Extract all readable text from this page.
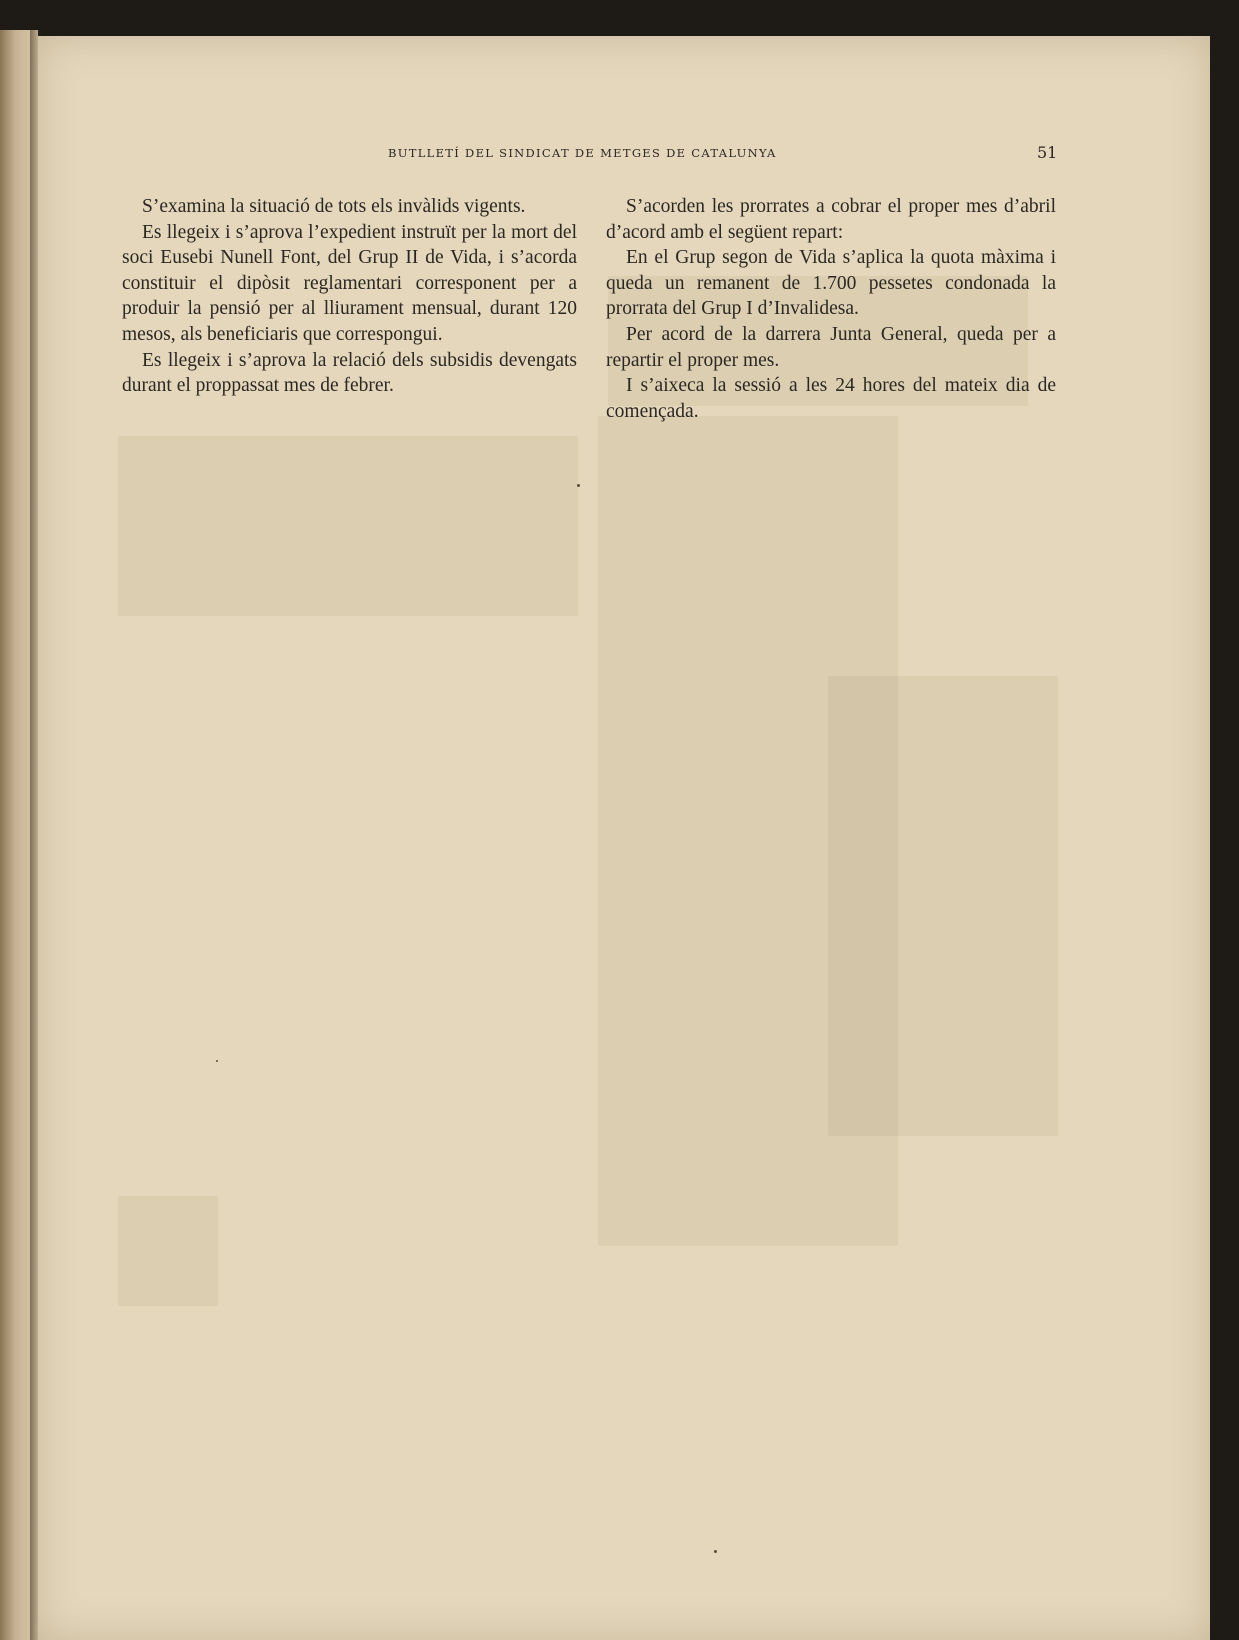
BUTLLETÍ DEL SINDICAT DE METGES DE CATALUNYA	51

S’examina la situació de tots els invàlids vigents.

Es llegeix i s’aprova l’expedient instruït per la mort del soci Eusebi Nunell Font, del Grup II de Vida, i s’acorda constituir el dipòsit reglamentari corresponent per a produir la pensió per al lliurament mensual, durant 120 mesos, als beneficiaris que correspongui.

Es llegeix i s’aprova la relació dels subsidis devengats durant el proppassat mes de febrer.

S’acorden les prorrates a cobrar el proper mes d’abril d’acord amb el següent repart:

En el Grup segon de Vida s’aplica la quota màxima i queda un remanent de 1.700 pessetes condonada la prorrata del Grup I d’Invalidesa.

Per acord de la darrera Junta General, queda per a repartir el proper mes.

I s’aixeca la sessió a les 24 hores del mateix dia de començada.
